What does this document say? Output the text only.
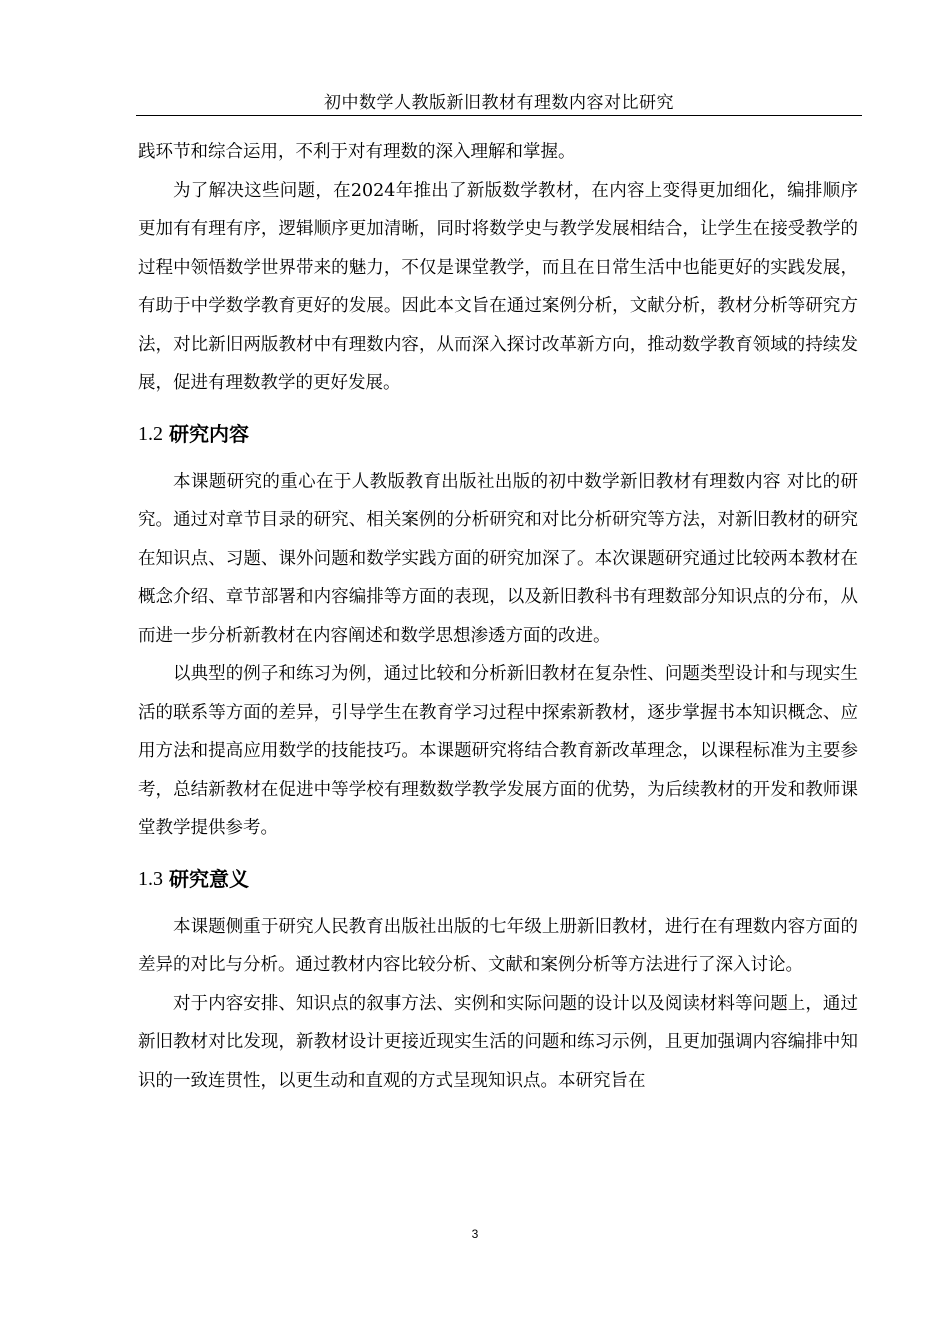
初中数学人教版新旧教材有理数内容对比研究

践环节和综合运用，不利于对有理数的深入理解和掌握。

为了解决这些问题，在2024年推出了新版数学教材，在内容上变得更加细化，编排顺序更加有有理有序，逻辑顺序更加清晰，同时将数学史与教学发展相结合，让学生在接受教学的过程中领悟数学世界带来的魅力，不仅是课堂教学，而且在日常生活中也能更好的实践发展，有助于中学数学教育更好的发展。因此本文旨在通过案例分析，文献分析，教材分析等研究方法，对比新旧两版教材中有理数内容，从而深入探讨改革新方向，推动数学教育领域的持续发展，促进有理数教学的更好发展。

1.2 研究内容

本课题研究的重心在于人教版教育出版社出版的初中数学新旧教材有理数内容 对比的研究。通过对章节目录的研究、相关案例的分析研究和对比分析研究等方法，对新旧教材的研究在知识点、习题、课外问题和数学实践方面的研究加深了。本次课题研究通过比较两本教材在概念介绍、章节部署和内容编排等方面的表现，以及新旧教科书有理数部分知识点的分布，从而进一步分析新教材在内容阐述和数学思想渗透方面的改进。

以典型的例子和练习为例，通过比较和分析新旧教材在复杂性、问题类型设计和与现实生活的联系等方面的差异，引导学生在教育学习过程中探索新教材，逐步掌握书本知识概念、应用方法和提高应用数学的技能技巧。本课题研究将结合教育新改革理念，以课程标准为主要参考，总结新教材在促进中等学校有理数数学教学发展方面的优势，为后续教材的开发和教师课堂教学提供参考。

1.3 研究意义

本课题侧重于研究人民教育出版社出版的七年级上册新旧教材，进行在有理数内容方面的差异的对比与分析。通过教材内容比较分析、文献和案例分析等方法进行了深入讨论。

对于内容安排、知识点的叙事方法、实例和实际问题的设计以及阅读材料等问题上，通过新旧教材对比发现，新教材设计更接近现实生活的问题和练习示例，且更加强调内容编排中知识的一致连贯性，以更生动和直观的方式呈现知识点。本研究旨在

3
